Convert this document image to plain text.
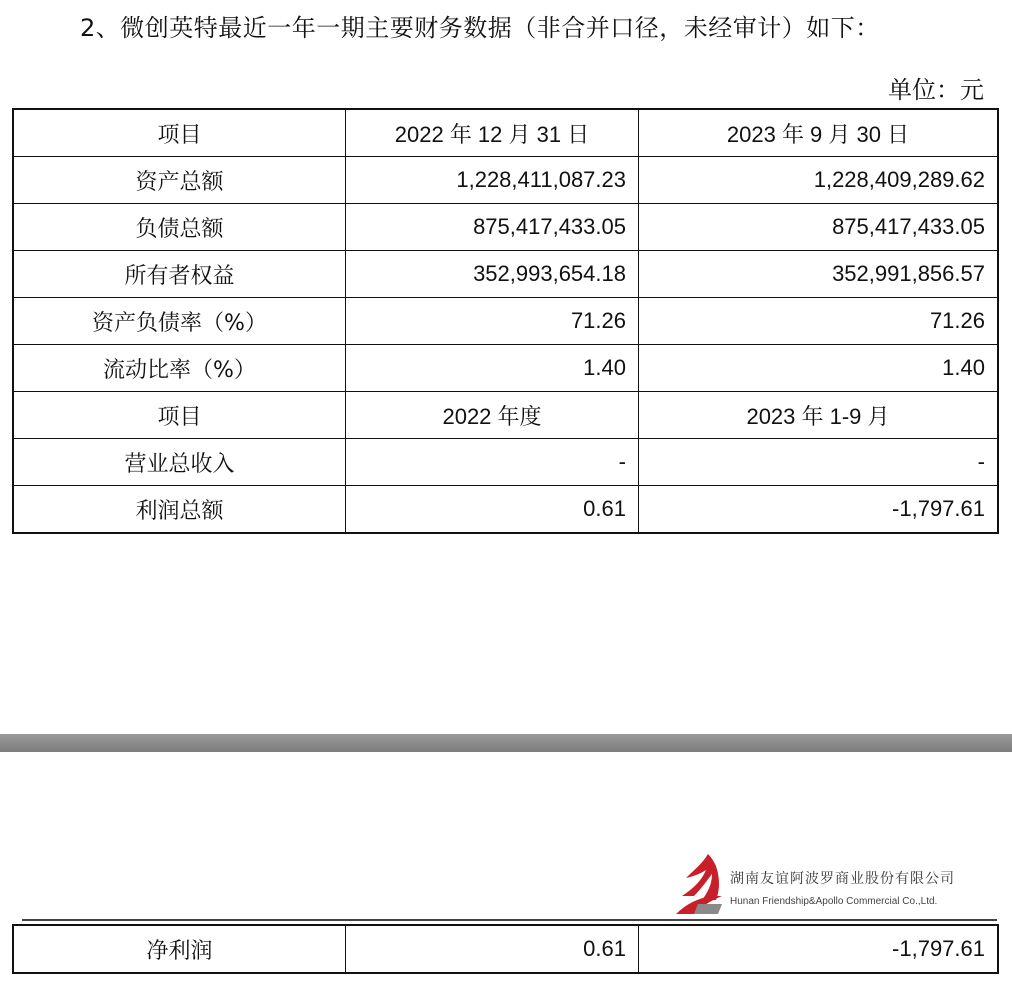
2、微创英特最近一年一期主要财务数据（非合并口径，未经审计）如下：
单位：元
项目	2022 年 12 月 31 日	2023 年 9 月 30 日
资产总额	1,228,411,087.23	1,228,409,289.62
负债总额	875,417,433.05	875,417,433.05
所有者权益	352,993,654.18	352,991,856.57
资产负债率（%）	71.26	71.26
流动比率（%）	1.40	1.40
项目	2022 年度	2023 年 1-9 月
营业总收入	-	-
利润总额	0.61	-1,797.61
湖南友谊阿波罗商业股份有限公司
Hunan Friendship&Apollo Commercial Co.,Ltd.
净利润	0.61	-1,797.61
